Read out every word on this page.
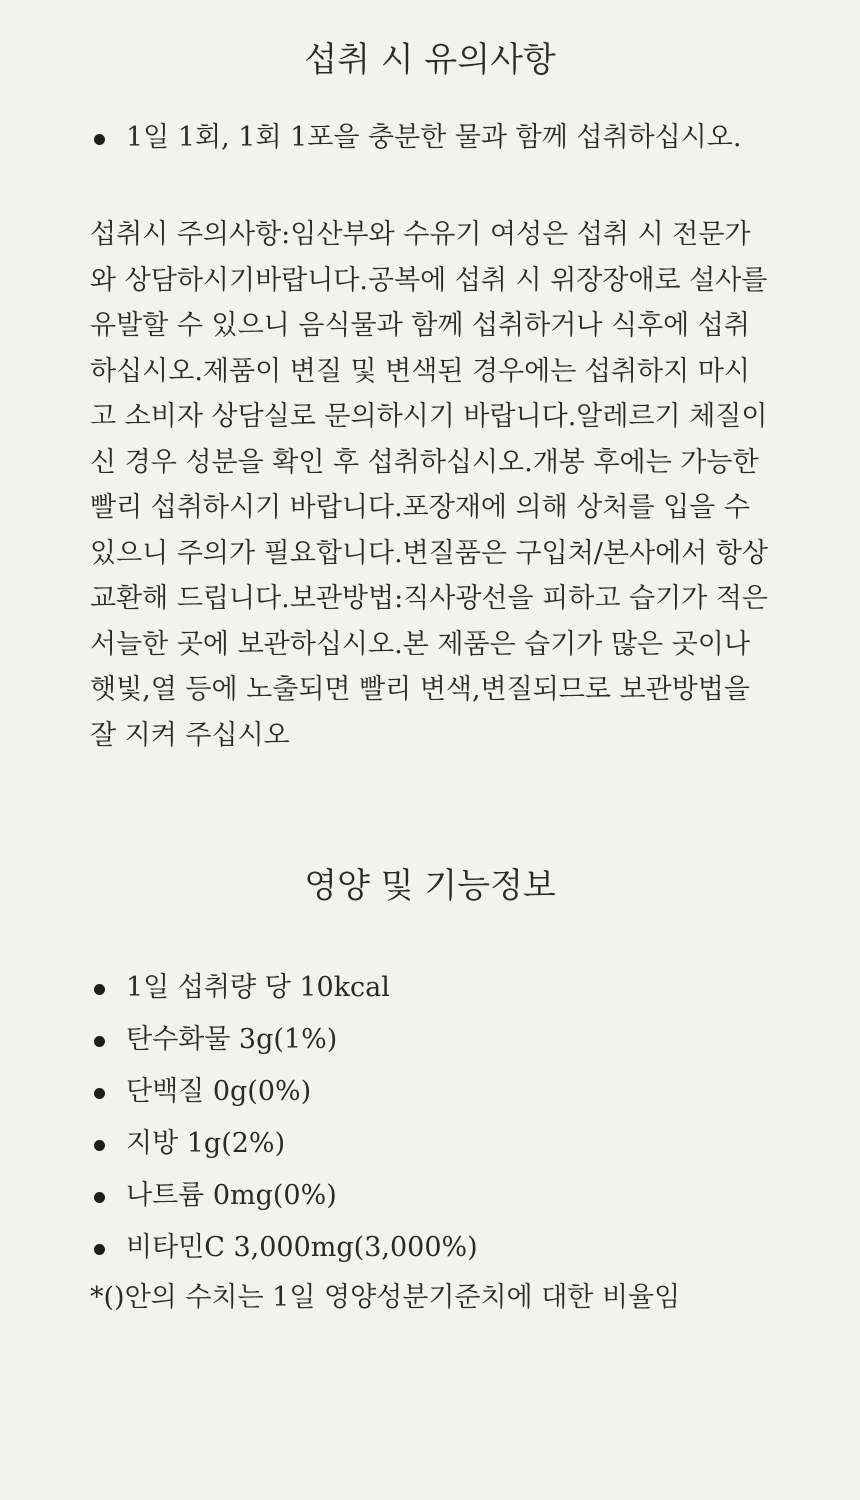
섭취 시 유의사항
1일 1회, 1회 1포을 충분한 물과 함께 섭취하십시오.

섭취시 주의사항:임산부와 수유기 여성은 섭취 시 전문가와 상담하시기바랍니다.공복에 섭취 시 위장장애로 설사를 유발할 수 있으니 음식물과 함께 섭취하거나 식후에 섭취하십시오.제품이 변질 및 변색된 경우에는 섭취하지 마시고 소비자 상담실로 문의하시기 바랍니다.알레르기 체질이신 경우 성분을 확인 후 섭취하십시오.개봉 후에는 가능한 빨리 섭취하시기 바랍니다.포장재에 의해 상처를 입을 수 있으니 주의가 필요합니다.변질품은 구입처/본사에서 항상 교환해 드립니다.보관방법:직사광선을 피하고 습기가 적은 서늘한 곳에 보관하십시오.본 제품은 습기가 많은 곳이나 햇빛,열 등에 노출되면 빨리 변색,변질되므로 보관방법을 잘 지켜 주십시오

영양 및 기능정보
1일 섭취량 당 10kcal
탄수화물 3g(1%)
단백질 0g(0%)
지방 1g(2%)
나트륨 0mg(0%)
비타민C 3,000mg(3,000%)

*()안의 수치는 1일 영양성분기준치에 대한 비율임
